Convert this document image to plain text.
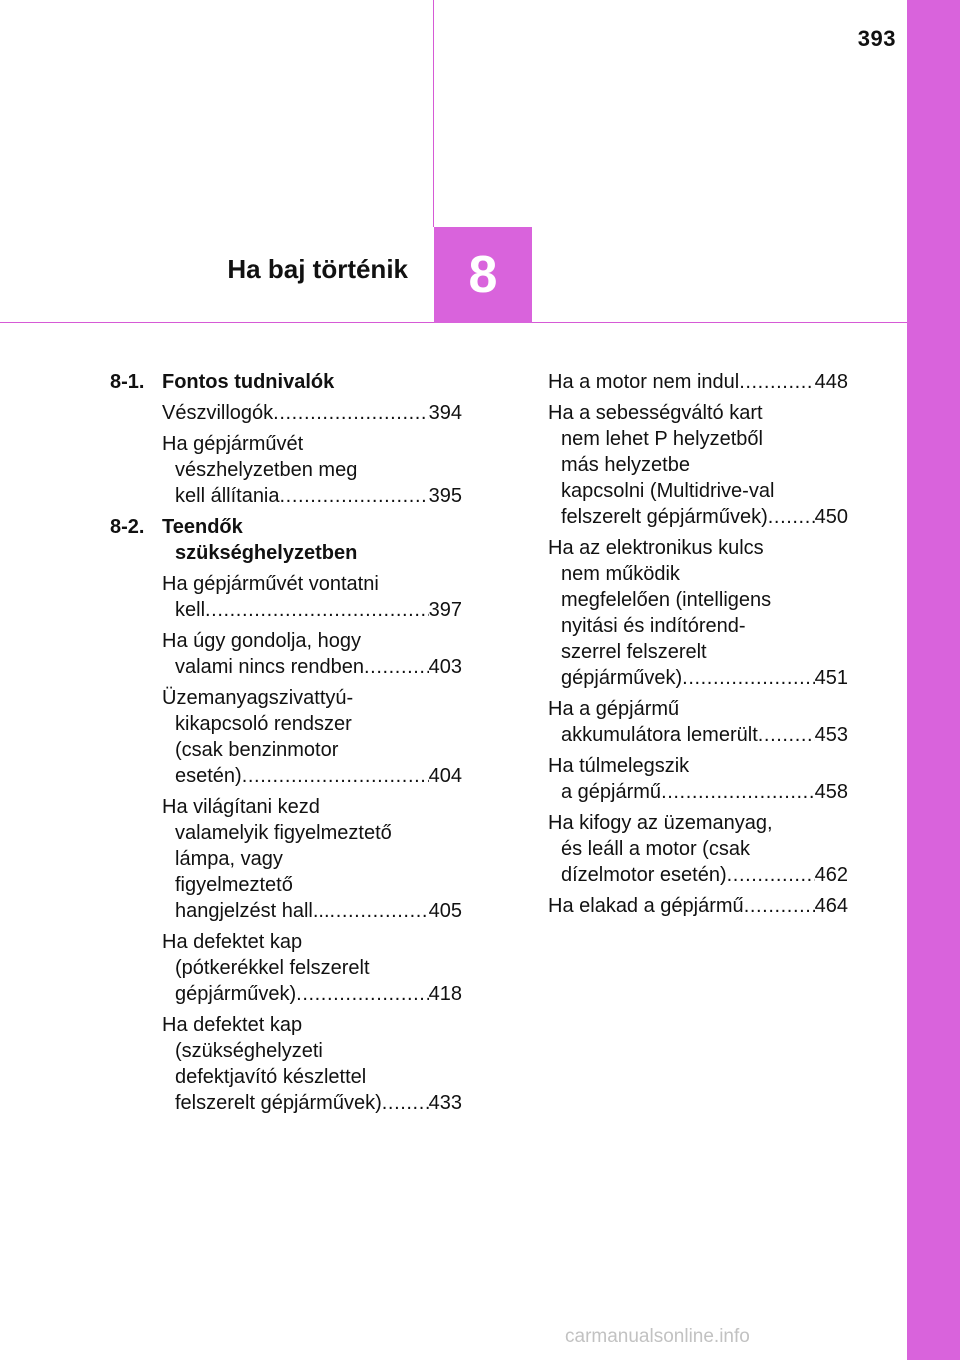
393
Ha baj történik 8
8-1. Fontos tudnivalók
Vészvillogók .....	394
Ha gépjárművét
vészhelyzetben meg
kell állítania .....	395
8-2. Teendők
szükséghelyzetben
Ha gépjárművét vontatni
kell .....	397
Ha úgy gondolja, hogy
valami nincs rendben .....	403
Üzemanyagszivattyú-
kikapcsoló rendszer
(csak benzinmotor
esetén) .....	404
Ha világítani kezd
valamelyik figyelmeztető
lámpa, vagy
figyelmeztető
hangjelzést hall... .....	405
Ha defektet kap
(pótkerékkel felszerelt
gépjárművek) .....	418
Ha defektet kap
(szükséghelyzeti
defektjavító készlettel
felszerelt gépjárművek) ..... 433
Ha a motor nem indul .....	448
Ha a sebességváltó kart
nem lehet P helyzetből
más helyzetbe
kapcsolni (Multidrive-val
felszerelt gépjárművek) ..... 450
Ha az elektronikus kulcs
nem működik
megfelelően (intelligens
nyitási és indítórend-
szerrel felszerelt
gépjárművek) .....	451
Ha a gépjármű
akkumulátora lemerült .....	453
Ha túlmelegszik
a gépjármű .....	458
Ha kifogy az üzemanyag,
és leáll a motor (csak
dízelmotor esetén) .....	462
Ha elakad a gépjármű .....	464
carmanualsonline.info
